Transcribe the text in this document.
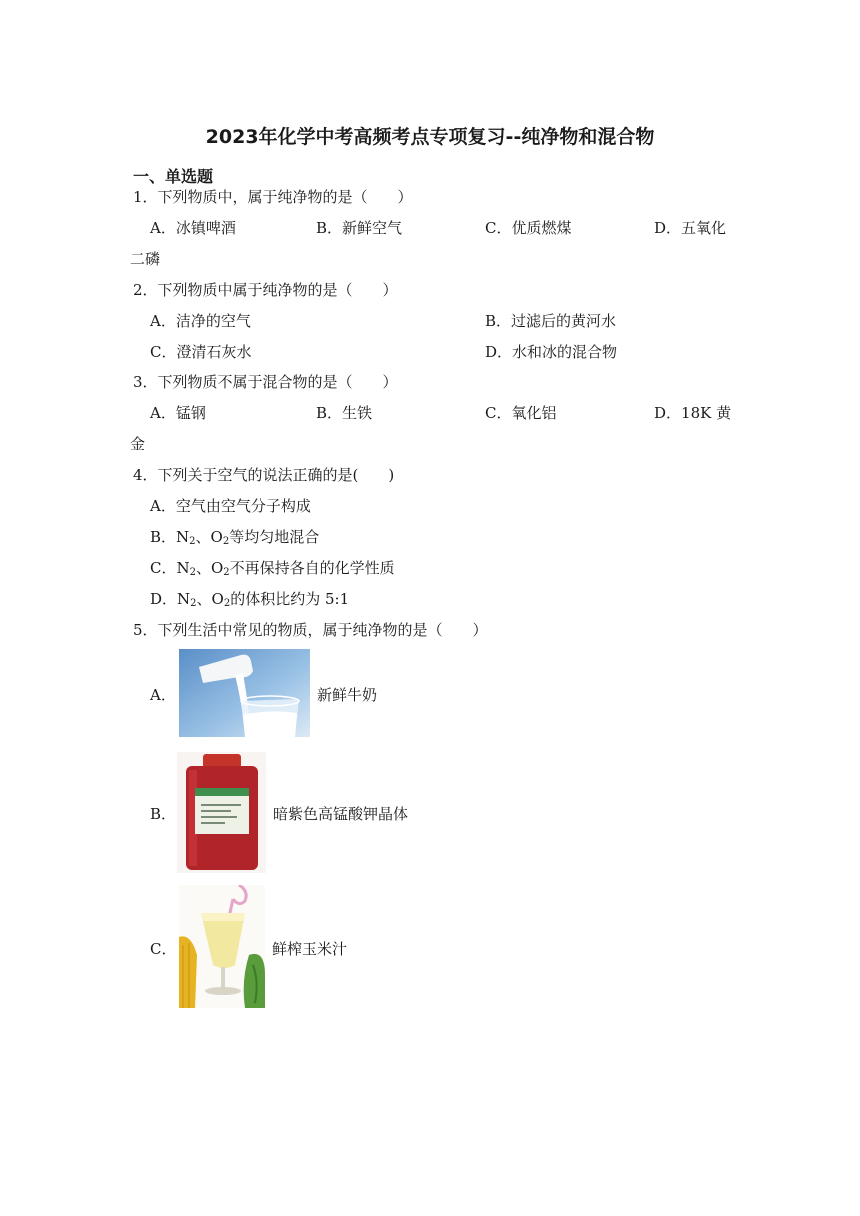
2023年化学中考高频考点专项复习--纯净物和混合物
一、单选题
1．下列物质中，属于纯净物的是（　　）
A．冰镇啤酒	B．新鲜空气	C．优质燃煤	D．五氧化
二磷
2．下列物质中属于纯净物的是（　　）
A．洁净的空气	B．过滤后的黄河水
C．澄清石灰水	D．水和冰的混合物
3．下列物质不属于混合物的是（　　）
A．锰钢	B．生铁	C．氧化铝	D．18K 黄
金
4．下列关于空气的说法正确的是(　　)
A．空气由空气分子构成
B．$N_2$、$O_2$等均匀地混合
C．$N_2$、$O_2$不再保持各自的化学性质
D．$N_2$、$O_2$的体积比约为 5:1
5．下列生活中常见的物质，属于纯净物的是（　　）
A．	新鲜牛奶
B．	暗紫色高锰酸钾晶体
C．	鲜榨玉米汁
